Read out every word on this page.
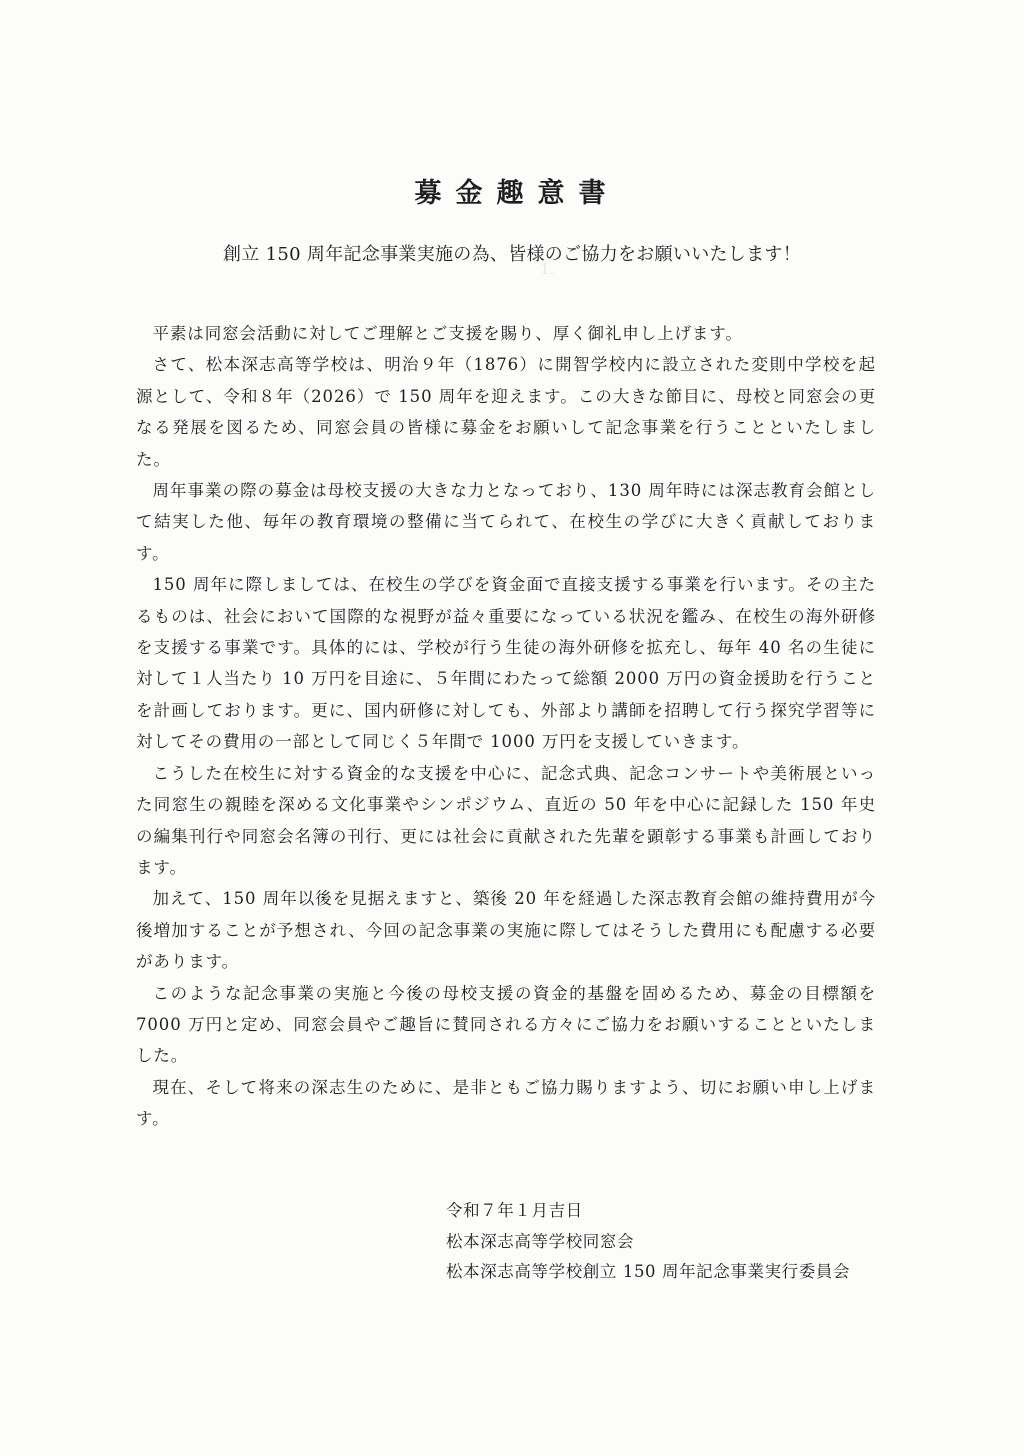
1．
募金趣意書
創立 150 周年記念事業実施の為、皆様のご協力をお願いいたします！

平素は同窓会活動に対してご理解とご支援を賜り、厚く御礼申し上げます。

さて、松本深志高等学校は、明治９年（1876）に開智学校内に設立された変則中学校を起源として、令和８年（2026）で 150 周年を迎えます。この大きな節目に、母校と同窓会の更なる発展を図るため、同窓会員の皆様に募金をお願いして記念事業を行うことといたしました。

周年事業の際の募金は母校支援の大きな力となっており、130 周年時には深志教育会館として結実した他、毎年の教育環境の整備に当てられて、在校生の学びに大きく貢献しております。

150 周年に際しましては、在校生の学びを資金面で直接支援する事業を行います。その主たるものは、社会において国際的な視野が益々重要になっている状況を鑑み、在校生の海外研修を支援する事業です。具体的には、学校が行う生徒の海外研修を拡充し、毎年 40 名の生徒に対して１人当たり 10 万円を目途に、５年間にわたって総額 2000 万円の資金援助を行うことを計画しております。更に、国内研修に対しても、外部より講師を招聘して行う探究学習等に対してその費用の一部として同じく５年間で 1000 万円を支援していきます。

こうした在校生に対する資金的な支援を中心に、記念式典、記念コンサートや美術展といった同窓生の親睦を深める文化事業やシンポジウム、直近の 50 年を中心に記録した 150 年史の編集刊行や同窓会名簿の刊行、更には社会に貢献された先輩を顕彰する事業も計画しております。

加えて、150 周年以後を見据えますと、築後 20 年を経過した深志教育会館の維持費用が今後増加することが予想され、今回の記念事業の実施に際してはそうした費用にも配慮する必要があります。

このような記念事業の実施と今後の母校支援の資金的基盤を固めるため、募金の目標額を 7000 万円と定め、同窓会員やご趣旨に賛同される方々にご協力をお願いすることといたしました。

現在、そして将来の深志生のために、是非ともご協力賜りますよう、切にお願い申し上げます。

令和７年１月吉日
松本深志高等学校同窓会
松本深志高等学校創立 150 周年記念事業実行委員会
